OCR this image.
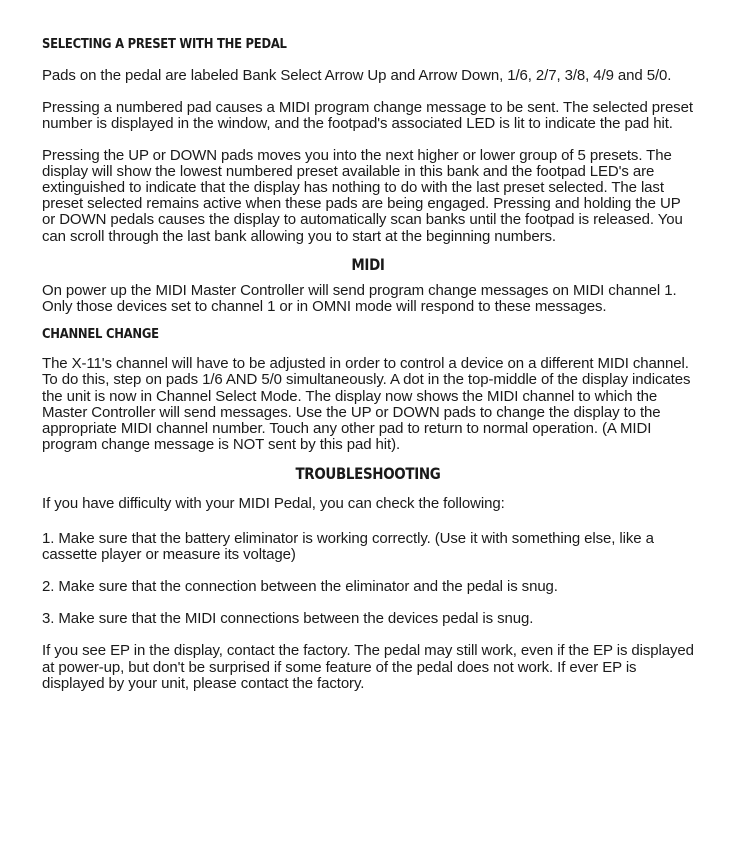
SELECTING A PRESET WITH THE PEDAL

Pads on the pedal are labeled Bank Select Arrow Up and Arrow Down, 1/6, 2/7, 3/8, 4/9 and 5/0.

Pressing a numbered pad causes a MIDI program change message to be sent. The selected preset number is displayed in the window, and the footpad's associated LED is lit to indicate the pad hit.

Pressing the UP or DOWN pads moves you into the next higher or lower group of 5 presets. The display will show the lowest numbered preset available in this bank and the footpad LED's are extinguished to indicate that the display has nothing to do with the last preset selected. The last preset selected remains active when these pads are being engaged. Pressing and holding the UP or DOWN pedals causes the display to automatically scan banks until the footpad is released. You can scroll through the last bank allowing you to start at the beginning numbers.

MIDI

On power up the MIDI Master Controller will send program change messages on MIDI channel 1. Only those devices set to channel 1 or in OMNI mode will respond to these messages.

CHANNEL CHANGE

The X-11's channel will have to be adjusted in order to control a device on a different MIDI channel. To do this, step on pads 1/6 AND 5/0 simultaneously. A dot in the top-middle of the display indicates the unit is now in Channel Select Mode. The display now shows the MIDI channel to which the Master Controller will send messages. Use the UP or DOWN pads to change the display to the appropriate MIDI channel number. Touch any other pad to return to normal operation. (A MIDI program change message is NOT sent by this pad hit).

TROUBLESHOOTING

If you have difficulty with your MIDI Pedal, you can check the following:

1. Make sure that the battery eliminator is working correctly. (Use it with something else, like a cassette player or measure its voltage)

2. Make sure that the connection between the eliminator and the pedal is snug.

3. Make sure that the MIDI connections between the devices pedal is snug.

If you see EP in the display, contact the factory. The pedal may still work, even if the EP is displayed at power-up, but don't be surprised if some feature of the pedal does not work. If ever EP is displayed by your unit, please contact the factory.
